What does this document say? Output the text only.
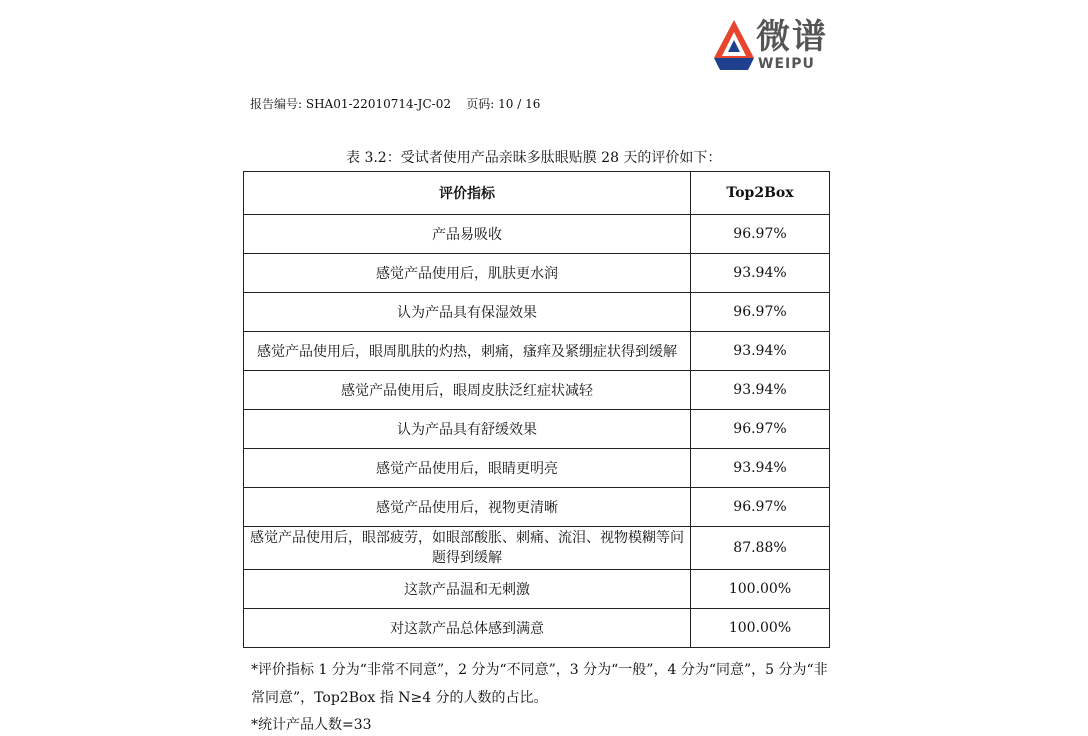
微谱
WEIPU
报告编号: SHA01-22010714-JC-02 页码: 10 / 16
表 3.2：受试者使用产品亲昧多肽眼贴膜 28 天的评价如下：
评价指标	Top2Box
产品易吸收	96.97%
感觉产品使用后，肌肤更水润	93.94%
认为产品具有保湿效果	96.97%
感觉产品使用后，眼周肌肤的灼热，刺痛，瘙痒及紧绷症状得到缓解	93.94%
感觉产品使用后，眼周皮肤泛红症状减轻	93.94%
认为产品具有舒缓效果	96.97%
感觉产品使用后，眼睛更明亮	93.94%
感觉产品使用后，视物更清晰	96.97%
感觉产品使用后，眼部疲劳，如眼部酸胀、刺痛、流泪、视物模糊等问题得到缓解	87.88%
这款产品温和无刺激	100.00%
对这款产品总体感到满意	100.00%
*评价指标 1 分为“非常不同意”，2 分为“不同意”，3 分为“一般”，4 分为“同意”，5 分为“非
常同意”，Top2Box 指 N≥4 分的人数的占比。
*统计产品人数=33
